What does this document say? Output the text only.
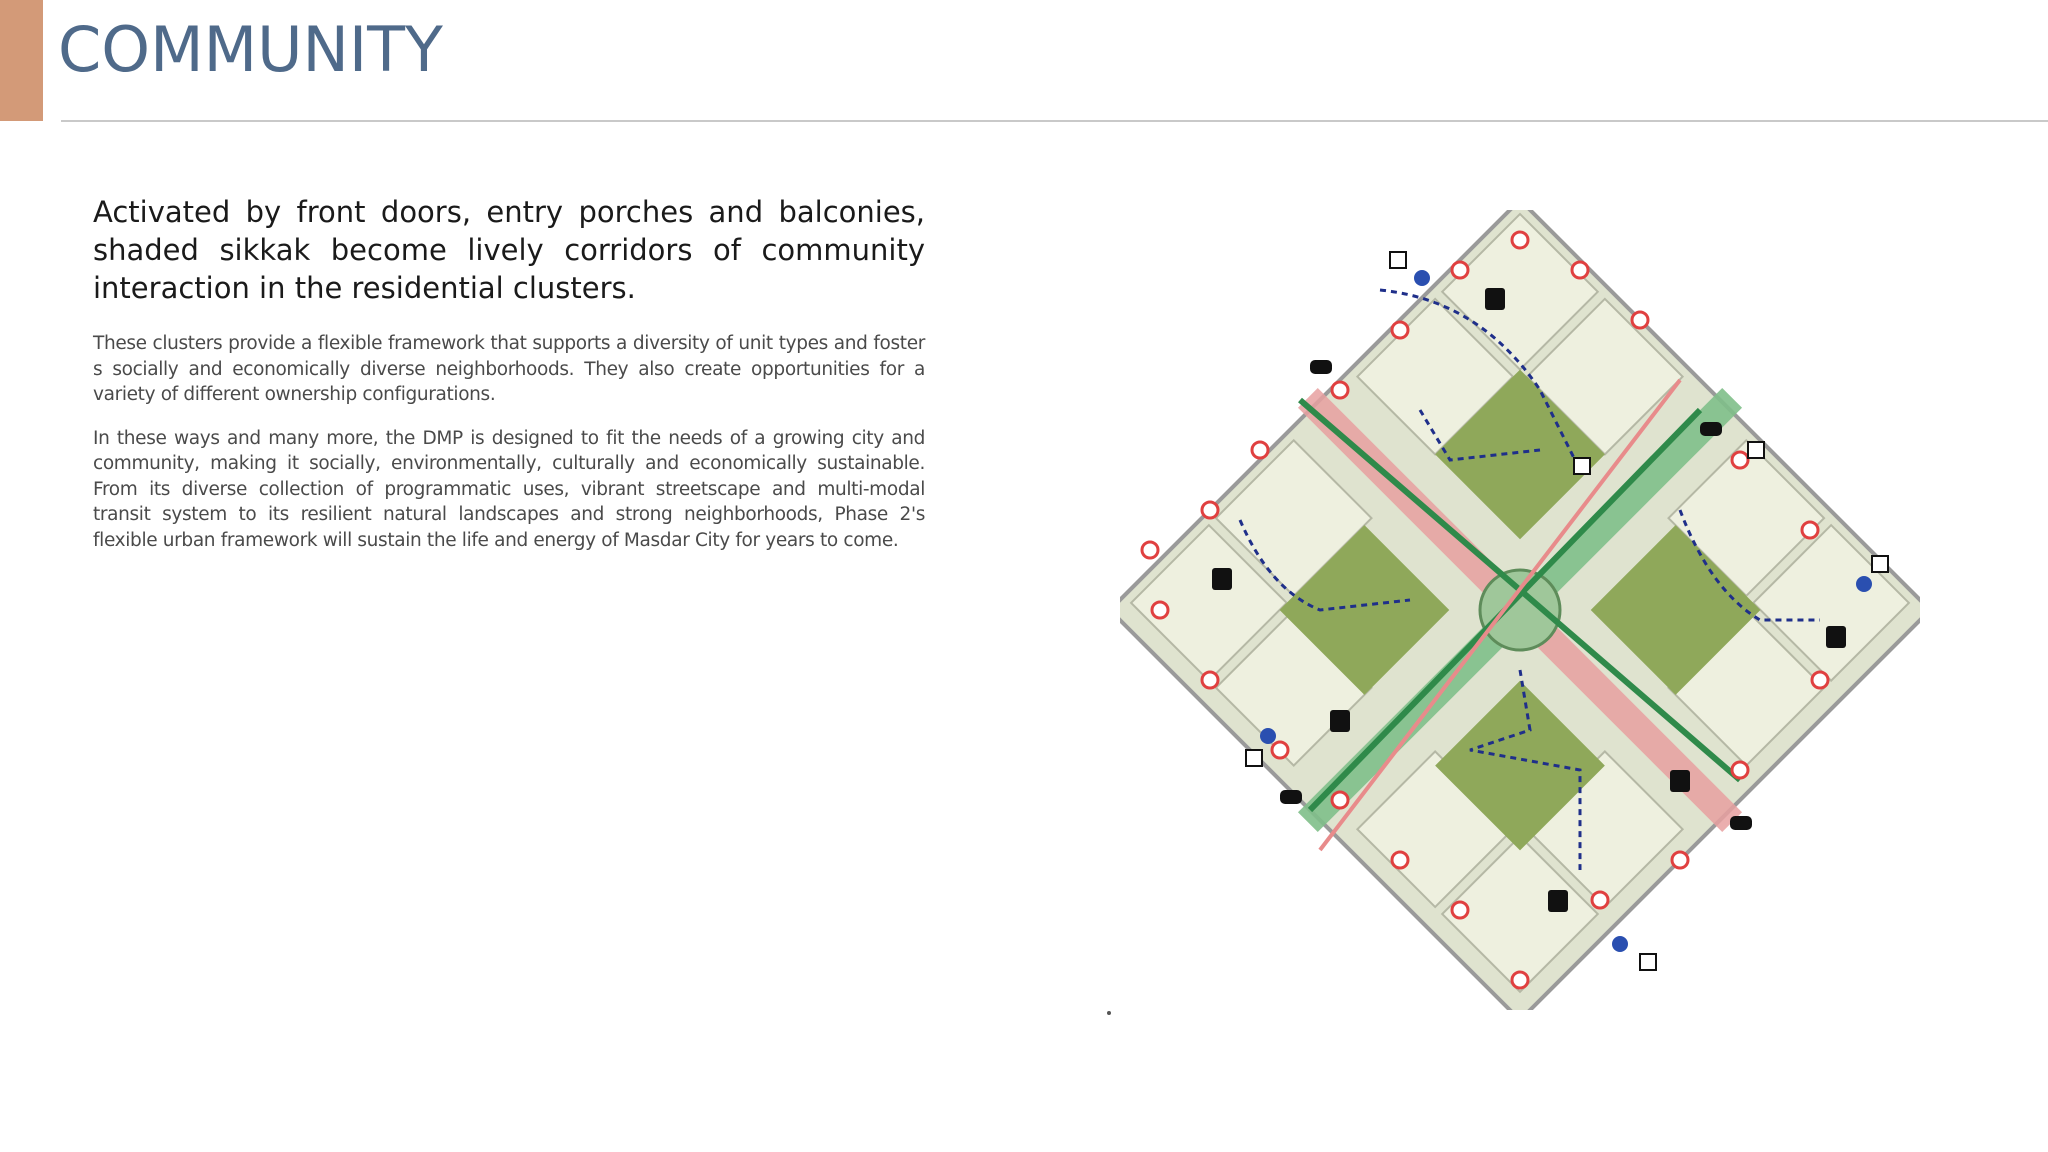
COMMUNITY

Activated by front doors, entry porches and balconies, shaded sikkak become lively corridors of community interaction in the residential clusters.

These clusters provide a flexible framework that supports a diversity of unit types and foster s socially and economically diverse neighborhoods. They also create opportunities for a variety of different ownership configurations.

In these ways and many more, the DMP is designed to fit the needs of a growing city and community, making it socially, environmentally, culturally and economically sustainable. From its diverse collection of programmatic uses, vibrant streetscape and multi-modal transit system to its resilient natural landscapes and strong neighborhoods, Phase 2's flexible urban framework will sustain the life and energy of Masdar City for years to come.
